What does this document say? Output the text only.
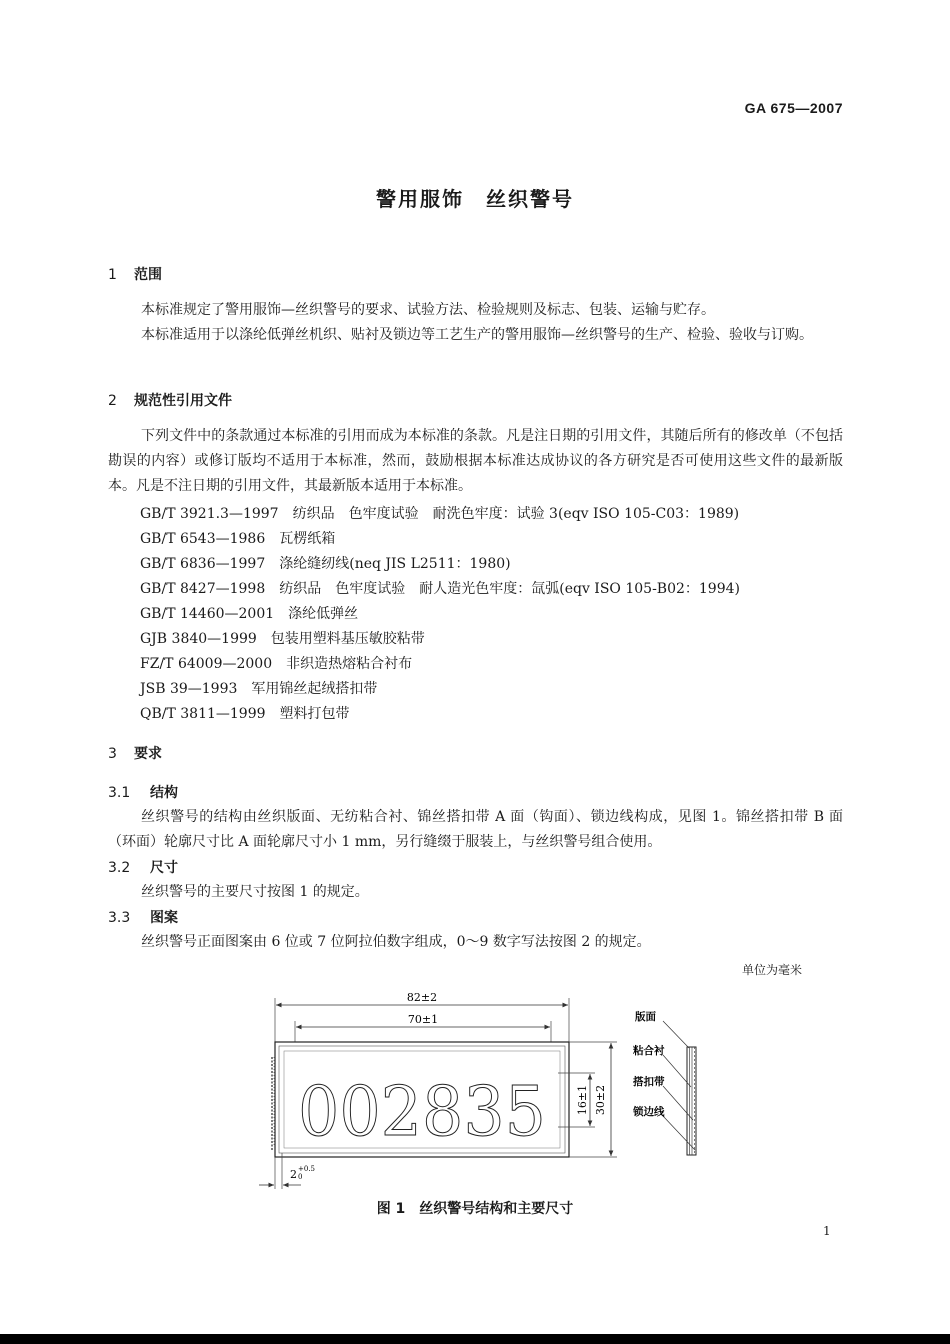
GA 675—2007
警用服饰　丝织警号
1 范围
本标准规定了警用服饰—丝织警号的要求、试验方法、检验规则及标志、包装、运输与贮存。
本标准适用于以涤纶低弹丝机织、贴衬及锁边等工艺生产的警用服饰—丝织警号的生产、检验、验收与订购。
2 规范性引用文件
下列文件中的条款通过本标准的引用而成为本标准的条款。凡是注日期的引用文件，其随后所有的修改单（不包括勘误的内容）或修订版均不适用于本标准，然而，鼓励根据本标准达成协议的各方研究是否可使用这些文件的最新版本。凡是不注日期的引用文件，其最新版本适用于本标准。
GB/T 3921.3—1997　纺织品　色牢度试验　耐洗色牢度：试验 3(eqv ISO 105-C03：1989)
GB/T 6543—1986　瓦楞纸箱
GB/T 6836—1997　涤纶缝纫线(neq JIS L2511：1980)
GB/T 8427—1998　纺织品　色牢度试验　耐人造光色牢度：氙弧(eqv ISO 105-B02：1994)
GB/T 14460—2001　涤纶低弹丝
GJB 3840—1999　包装用塑料基压敏胶粘带
FZ/T 64009—2000　非织造热熔粘合衬布
JSB 39—1993　军用锦丝起绒搭扣带
QB/T 3811—1999　塑料打包带
3 要求
3.1 结构
丝织警号的结构由丝织版面、无纺粘合衬、锦丝搭扣带 A 面（钩面）、锁边线构成，见图 1。锦丝搭扣带 B 面（环面）轮廓尺寸比 A 面轮廓尺寸小 1 mm，另行缝缀于服装上，与丝织警号组合使用。
3.2 尺寸
丝织警号的主要尺寸按图 1 的规定。
3.3 图案
丝织警号正面图案由 6 位或 7 位阿拉伯数字组成，0～9 数字写法按图 2 的规定。
单位为毫米
82±2
70±1
002835	16±1 30±2
2 +0.5
0
版面
粘合衬
搭扣带
锁边线
图 1　丝织警号结构和主要尺寸
1
